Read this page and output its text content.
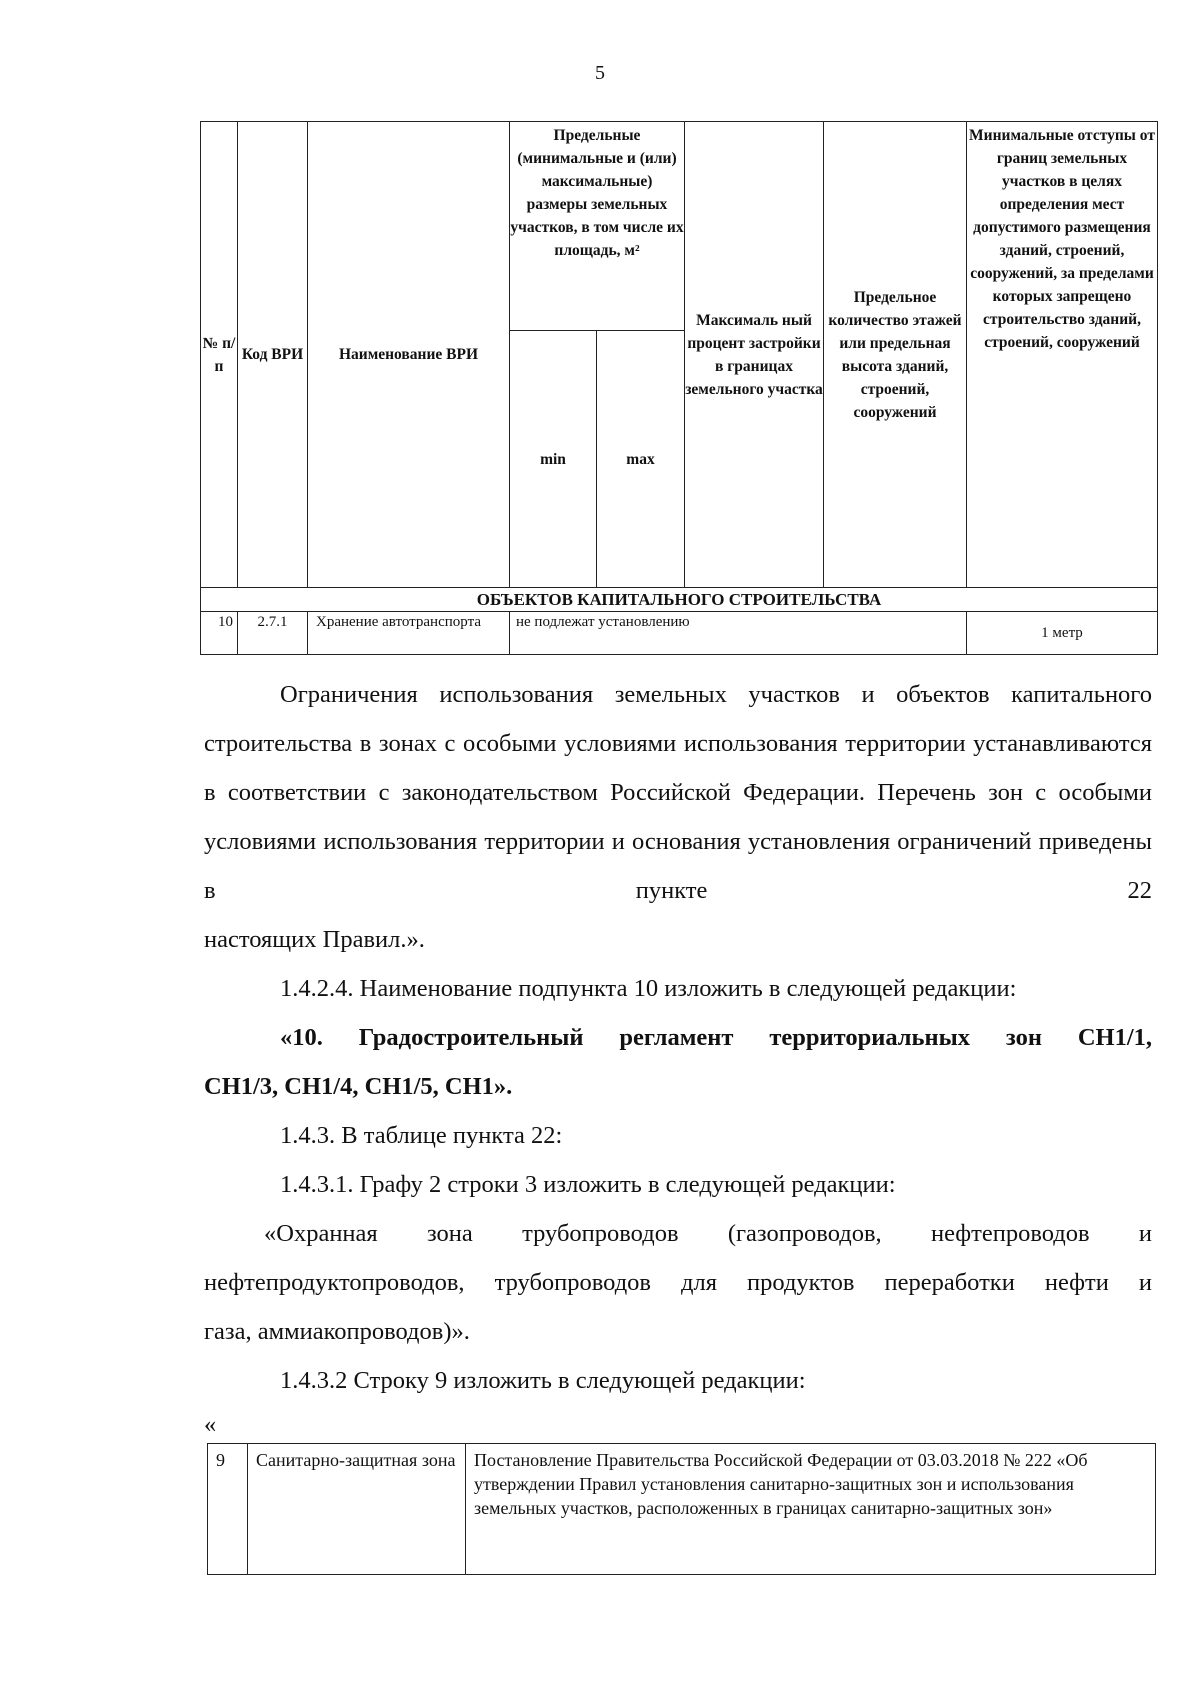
5
№ п/п	Код ВРИ	Наименование ВРИ	Предельные (минимальные и (или) максимальные) размеры земельных участков, в том числе их площадь, м²		Максималь ный процент застройки в границах земельного участка	Предельное количество этажей или предельная высота зданий, строений, сооружений	Минимальные отступы от границ земельных участков в целях определения мест допустимого размещения зданий, строений, сооружений, за пределами которых запрещено строительство зданий, строений, сооружений
			min	max			
ОБЪЕКТОВ КАПИТАЛЬНОГО СТРОИТЕЛЬСТВА							
10	2.7.1	Хранение автотранспорта	не подлежат установлению				1 метр

Ограничения использования земельных участков и объектов капитального строительства в зонах с особыми условиями использования территории устанавливаются в соответствии с законодательством Российской Федерации. Перечень зон с особыми условиями использования территории и основания установления ограничений приведены в пункте 22

настоящих Правил.».

1.4.2.4. Наименование подпункта 10 изложить в следующей редакции:

«10. Градостроительный регламент территориальных зон СН1/1,

СН1/3, СН1/4, СН1/5, СН1».

1.4.3. В таблице пункта 22:

1.4.3.1. Графу 2 строки 3 изложить в следующей редакции:

«Охранная зона трубопроводов (газопроводов, нефтепроводов и нефтепродуктопроводов, трубопроводов для продуктов переработки нефти и

газа, аммиакопроводов)».

1.4.3.2 Строку 9 изложить в следующей редакции:

«

9	Санитарно-защитная зона	Постановление Правительства Российской Федерации от 03.03.2018 № 222 «Об утверждении Правил установления санитарно-защитных зон и использования земельных участков, расположенных в границах санитарно-защитных зон»
